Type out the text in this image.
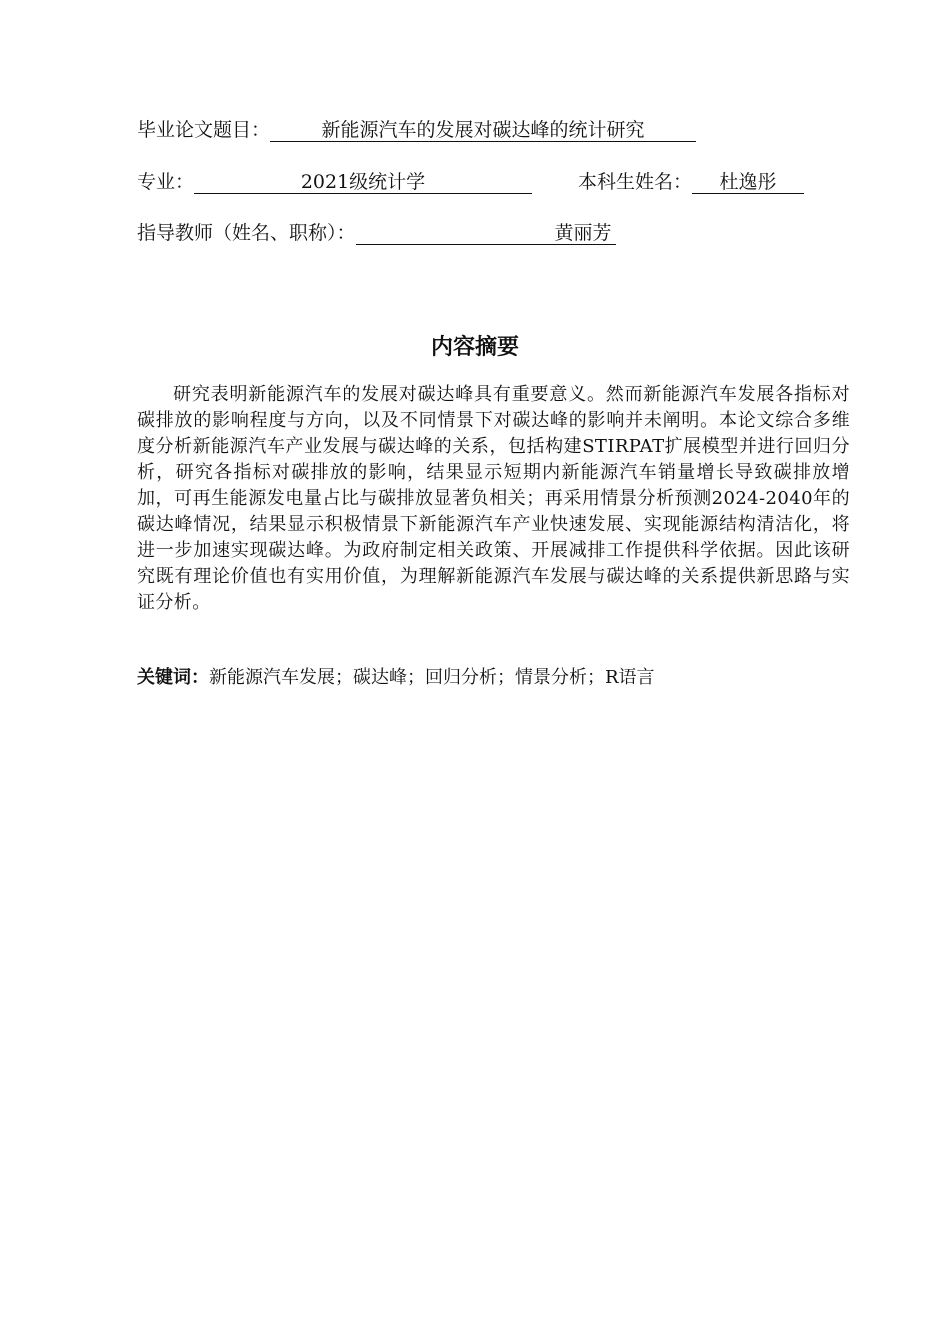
毕业论文题目：	新能源汽车的发展对碳达峰的统计研究
专业：	2021级统计学	本科生姓名： 杜逸彤
指导教师（姓名、职称）：	黄丽芳
内容摘要

研究表明新能源汽车的发展对碳达峰具有重要意义。然而新能源汽车发展各指标对碳排放的影响程度与方向，以及不同情景下对碳达峰的影响并未阐明。本论文综合多维度分析新能源汽车产业发展与碳达峰的关系，包括构建STIRPAT扩展模型并进行回归分析，研究各指标对碳排放的影响，结果显示短期内新能源汽车销量增长导致碳排放增加，可再生能源发电量占比与碳排放显著负相关；再采用情景分析预测2024-2040年的碳达峰情况，结果显示积极情景下新能源汽车产业快速发展、实现能源结构清洁化，将进一步加速实现碳达峰。为政府制定相关政策、开展减排工作提供科学依据。因此该研究既有理论价值也有实用价值，为理解新能源汽车发展与碳达峰的关系提供新思路与实证分析。

关键词：新能源汽车发展；碳达峰；回归分析；情景分析；R语言
